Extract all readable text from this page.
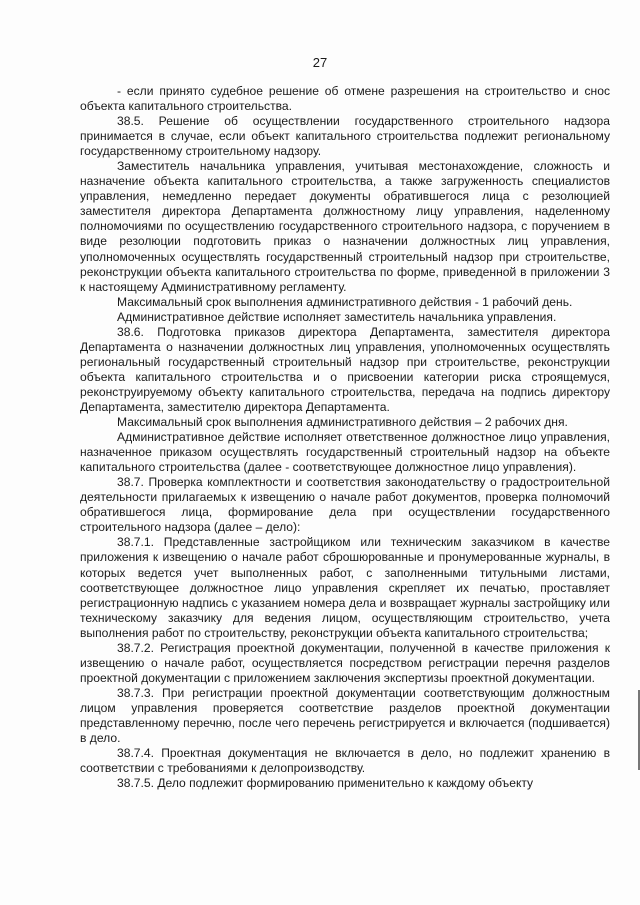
27

- если принято судебное решение об отмене разрешения на строительство и снос объекта капитального строительства.

38.5. Решение об осуществлении государственного строительного надзора принимается в случае, если объект капитального строительства подлежит региональному государственному строительному надзору.

Заместитель начальника управления, учитывая местонахождение, сложность и назначение объекта капитального строительства, а также загруженность специалистов управления, немедленно передает документы обратившегося лица с резолюцией заместителя директора Департамента должностному лицу управления, наделенному полномочиями по осуществлению государственного строительного надзора, с поручением в виде резолюции подготовить приказ о назначении должностных лиц управления, уполномоченных осуществлять государственный строительный надзор при строительстве, реконструкции объекта капитального строительства по форме, приведенной в приложении 3 к настоящему Административному регламенту.

Максимальный срок выполнения административного действия - 1 рабочий день.

Административное действие исполняет заместитель начальника управления.

38.6. Подготовка приказов директора Департамента, заместителя директора Департамента о назначении должностных лиц управления, уполномоченных осуществлять региональный государственный строительный надзор при строительстве, реконструкции объекта капитального строительства и о присвоении категории риска строящемуся, реконструируемому объекту капитального строительства, передача на подпись директору Департамента, заместителю директора Департамента.

Максимальный срок выполнения административного действия – 2 рабочих дня.

Административное действие исполняет ответственное должностное лицо управления, назначенное приказом осуществлять государственный строительный надзор на объекте капитального строительства (далее - соответствующее должностное лицо управления).

38.7. Проверка комплектности и соответствия законодательству о градостроительной деятельности прилагаемых к извещению о начале работ документов, проверка полномочий обратившегося лица, формирование дела при осуществлении государственного строительного надзора (далее – дело):

38.7.1. Представленные застройщиком или техническим заказчиком в качестве приложения к извещению о начале работ сброшюрованные и пронумерованные журналы, в которых ведется учет выполненных работ, с заполненными титульными листами, соответствующее должностное лицо управления скрепляет их печатью, проставляет регистрационную надпись с указанием номера дела и возвращает журналы застройщику или техническому заказчику для ведения лицом, осуществляющим строительство, учета выполнения работ по строительству, реконструкции объекта капитального строительства;

38.7.2. Регистрация проектной документации, полученной в качестве приложения к извещению о начале работ, осуществляется посредством регистрации перечня разделов проектной документации с приложением заключения экспертизы проектной документации.

38.7.3. При регистрации проектной документации соответствующим должностным лицом управления проверяется соответствие разделов проектной документации представленному перечню, после чего перечень регистрируется и включается (подшивается) в дело.

38.7.4. Проектная документация не включается в дело, но подлежит хранению в соответствии с требованиями к делопроизводству.

38.7.5. Дело подлежит формированию применительно к каждому объекту
